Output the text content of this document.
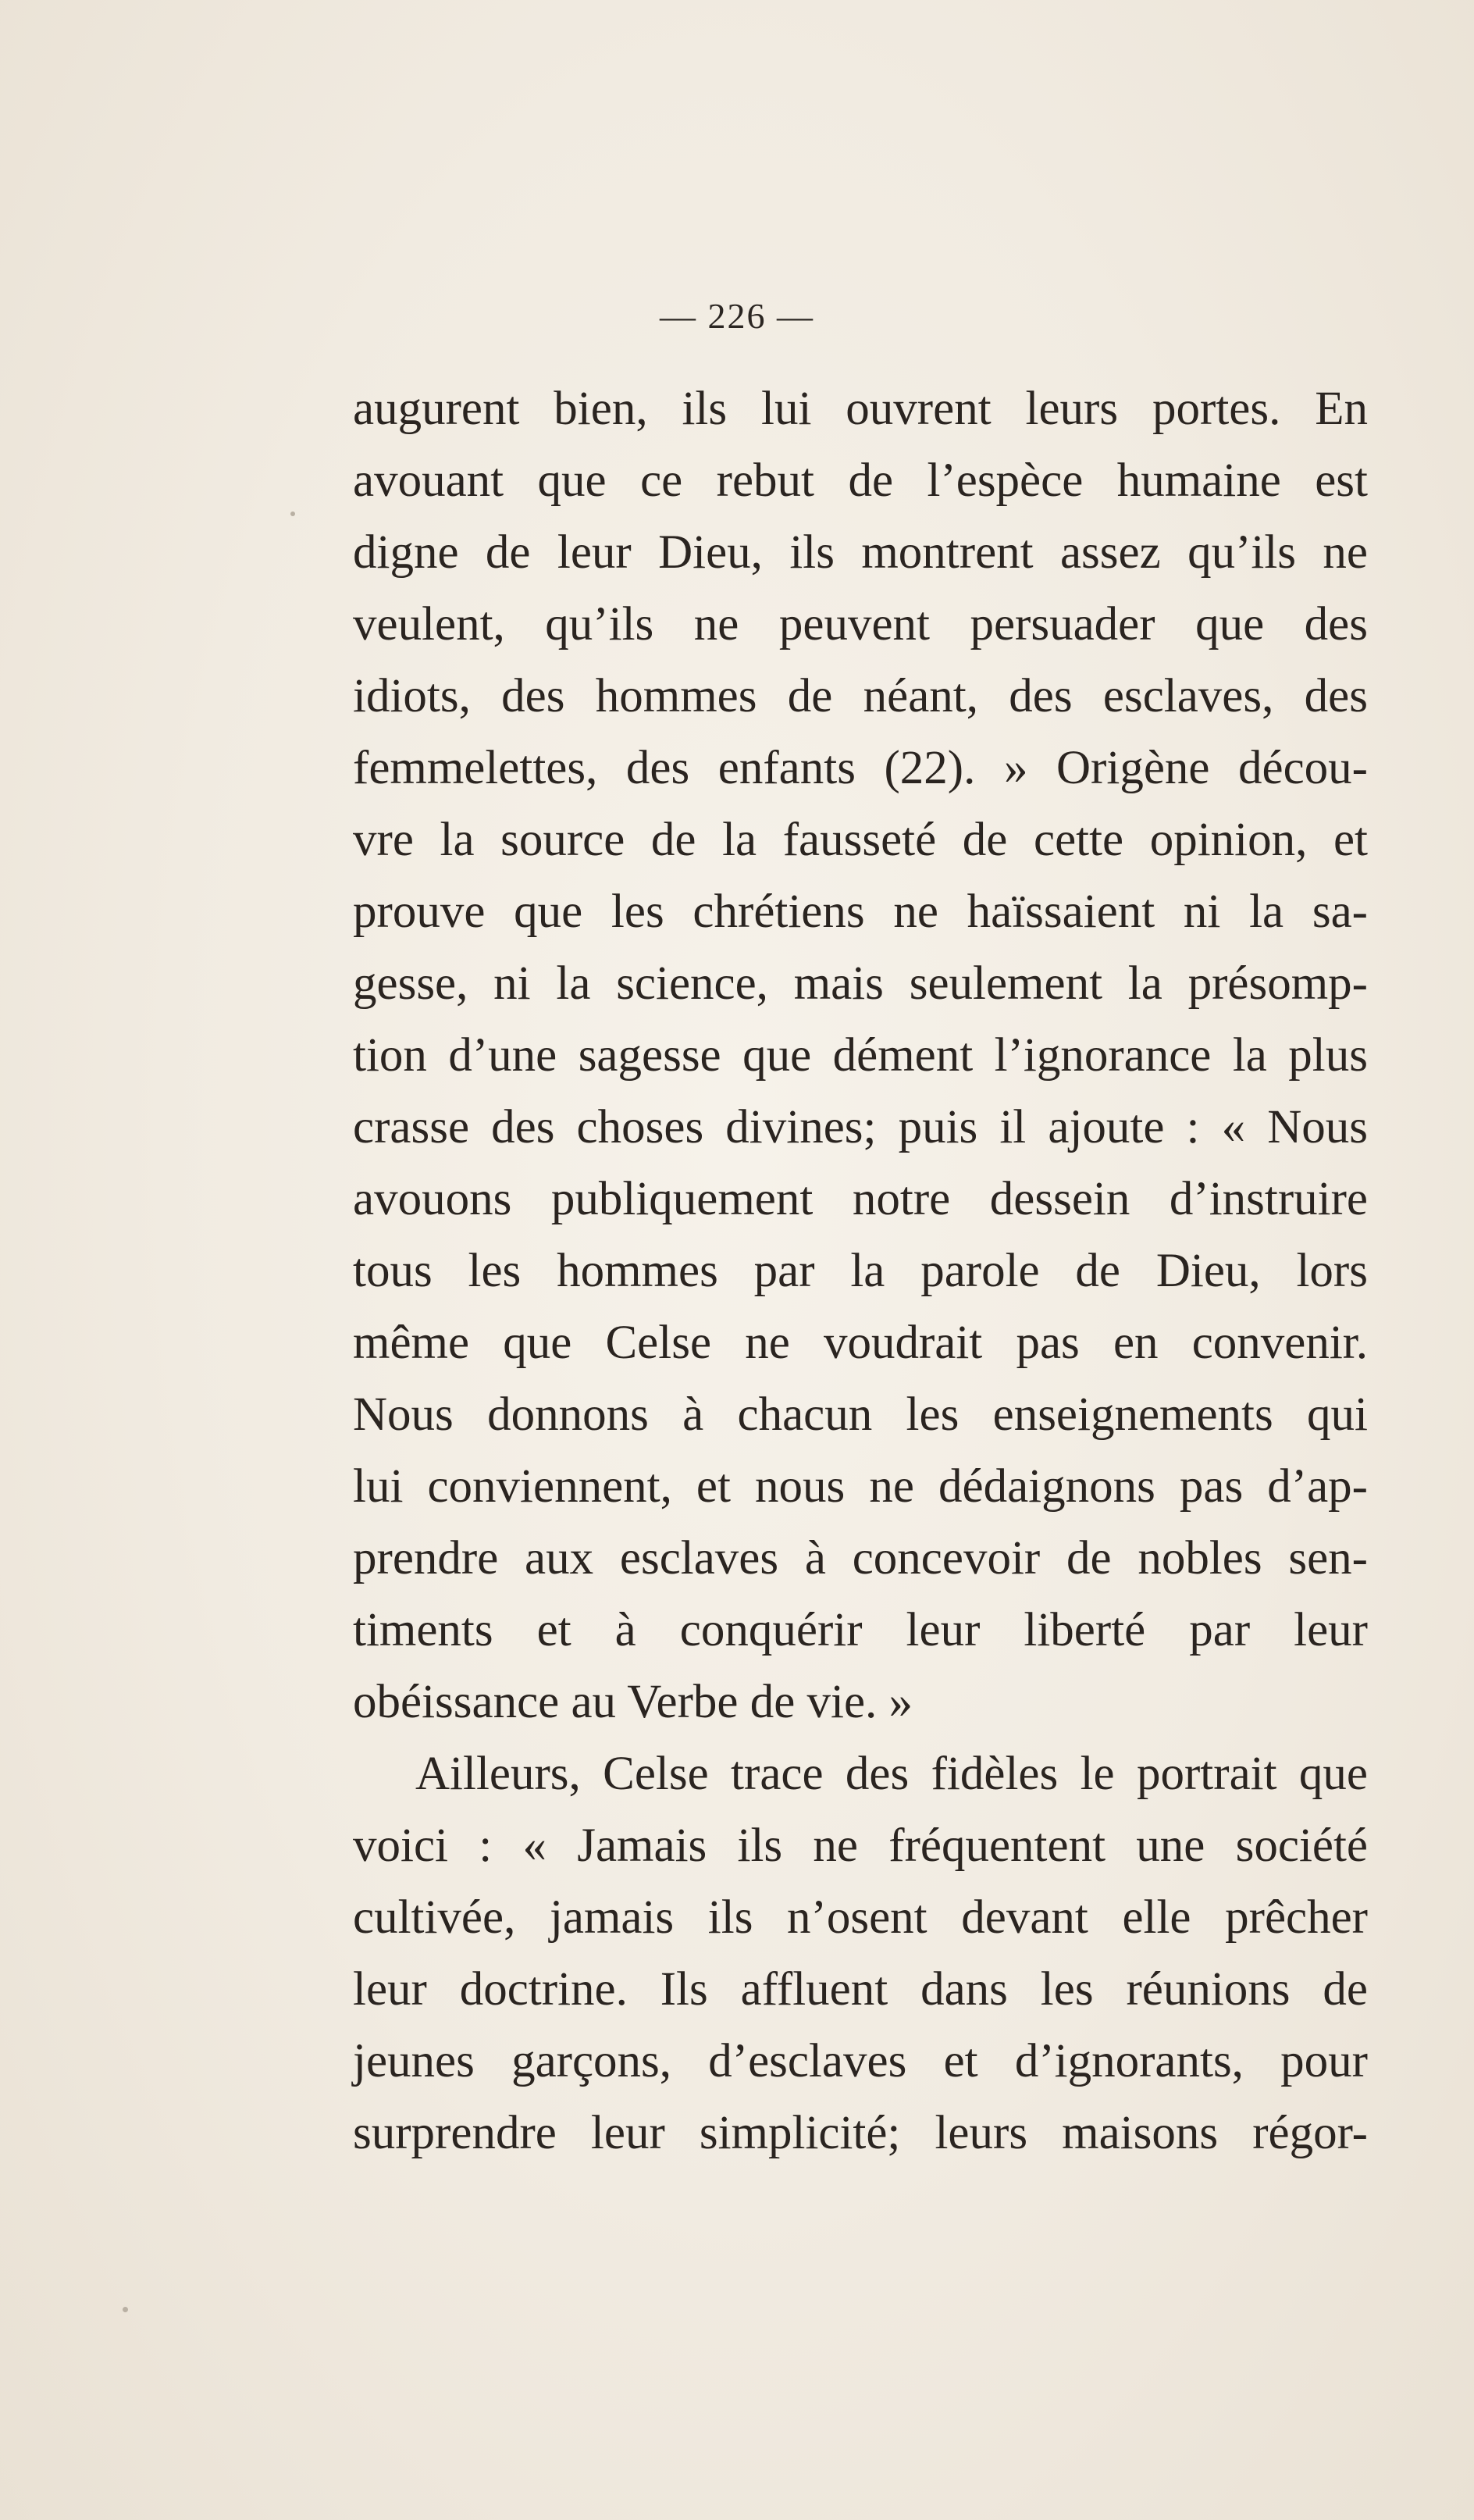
— 226 —
augurent bien, ils lui ouvrent leurs portes. En
avouant que ce rebut de l’espèce humaine est
digne de leur Dieu, ils montrent assez qu’ils ne
veulent, qu’ils ne peuvent persuader que des
idiots, des hommes de néant, des esclaves, des
femmelettes, des enfants (22). » Origène décou-
vre la source de la fausseté de cette opinion, et
prouve que les chrétiens ne haïssaient ni la sa-
gesse, ni la science, mais seulement la présomp-
tion d’une sagesse que dément l’ignorance la plus
crasse des choses divines; puis il ajoute : « Nous
avouons publiquement notre dessein d’instruire
tous les hommes par la parole de Dieu, lors
même que Celse ne voudrait pas en convenir.
Nous donnons à chacun les enseignements qui
lui conviennent, et nous ne dédaignons pas d’ap-
prendre aux esclaves à concevoir de nobles sen-
timents et à conquérir leur liberté par leur
obéissance au Verbe de vie. »
Ailleurs, Celse trace des fidèles le portrait que
voici : « Jamais ils ne fréquentent une société
cultivée, jamais ils n’osent devant elle prêcher
leur doctrine. Ils affluent dans les réunions de
jeunes garçons, d’esclaves et d’ignorants, pour
surprendre leur simplicité; leurs maisons régor-
